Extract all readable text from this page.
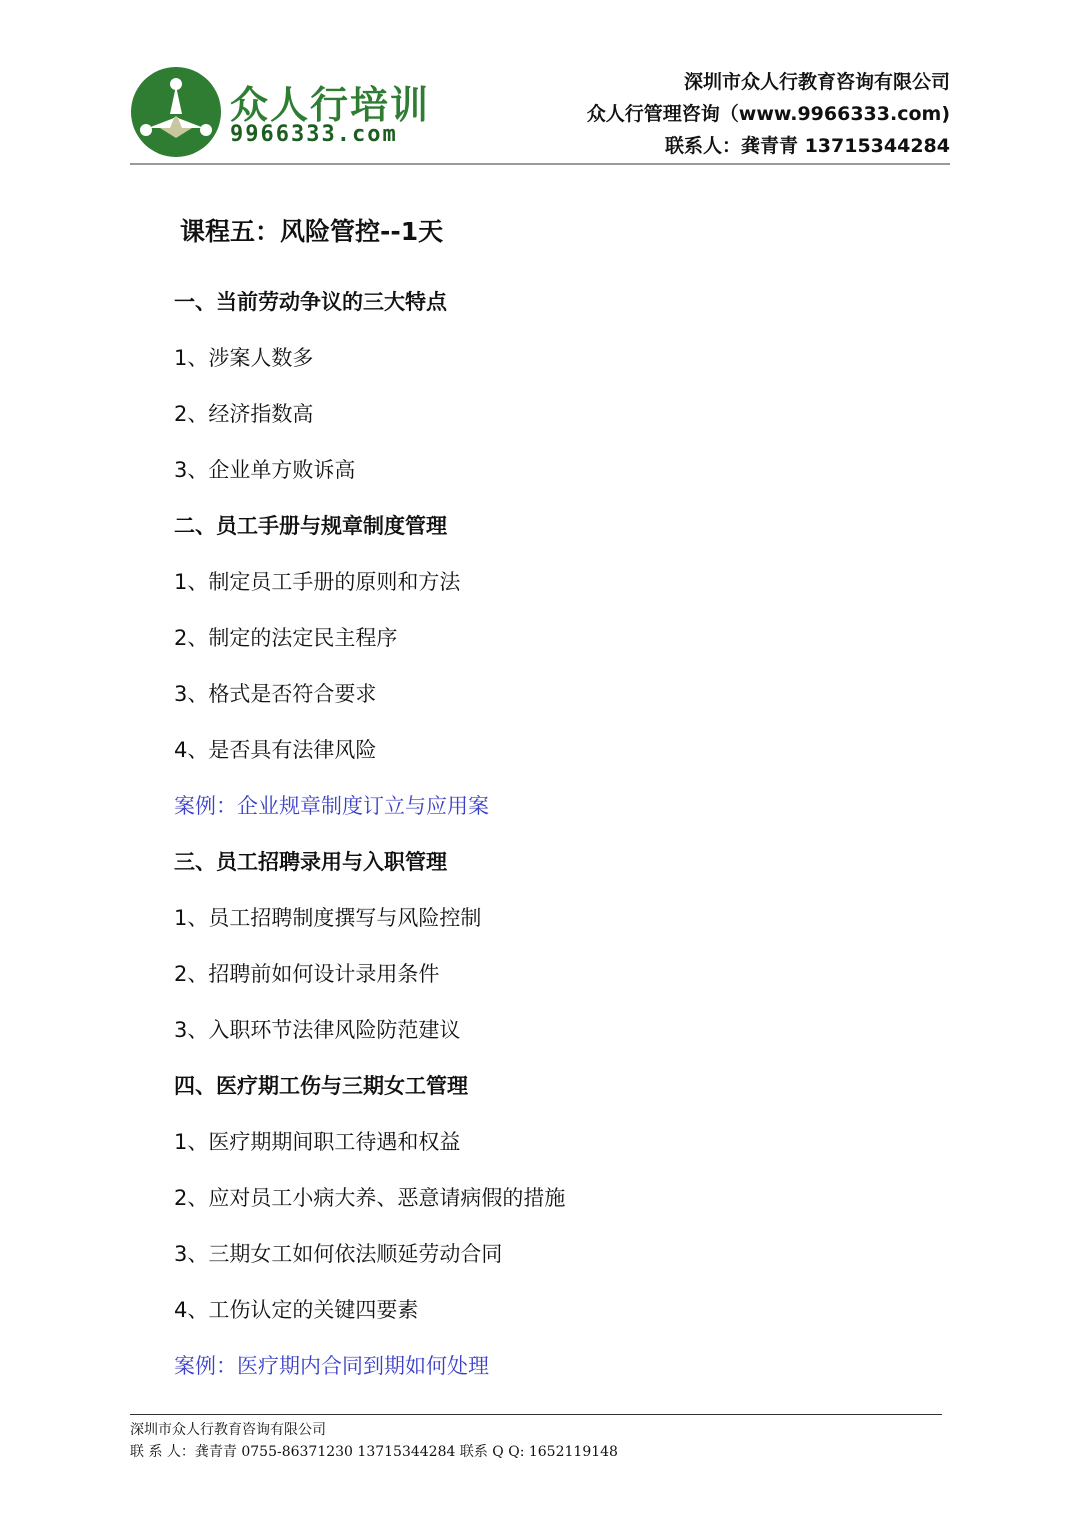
众人行培训
9966333.com
深圳市众人行教育咨询有限公司
众人行管理咨询（www.9966333.com)
联系人：龚青青 13715344284
课程五：风险管控--1天
一、当前劳动争议的三大特点
1、涉案人数多
2、经济指数高
3、企业单方败诉高
二、员工手册与规章制度管理
1、制定员工手册的原则和方法
2、制定的法定民主程序
3、格式是否符合要求
4、是否具有法律风险
案例：企业规章制度订立与应用案
三、员工招聘录用与入职管理
1、员工招聘制度撰写与风险控制
2、招聘前如何设计录用条件
3、入职环节法律风险防范建议
四、医疗期工伤与三期女工管理
1、医疗期期间职工待遇和权益
2、应对员工小病大养、恶意请病假的措施
3、三期女工如何依法顺延劳动合同
4、工伤认定的关键四要素
案例：医疗期内合同到期如何处理
深圳市众人行教育咨询有限公司
联 系 人：龚青青 0755-86371230 13715344284 联系 Q Q: 1652119148
